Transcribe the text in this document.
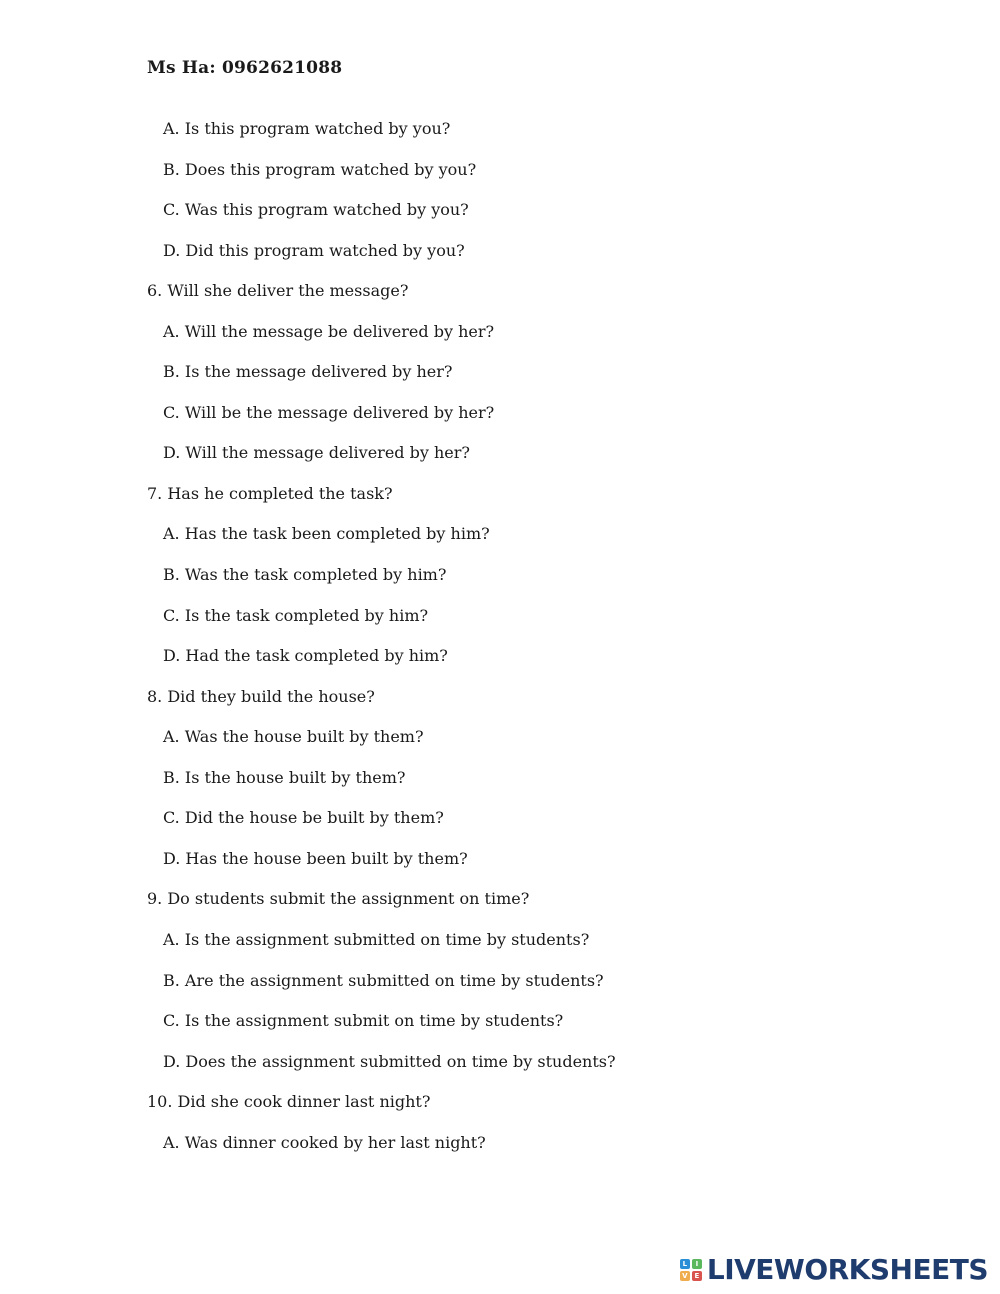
Ms Ha: 0962621088
A. Is this program watched by you?
B. Does this program watched by you?
C. Was this program watched by you?
D. Did this program watched by you?
6. Will she deliver the message?
A. Will the message be delivered by her?
B. Is the message delivered by her?
C. Will be the message delivered by her?
D. Will the message delivered by her?
7. Has he completed the task?
A. Has the task been completed by him?
B. Was the task completed by him?
C. Is the task completed by him?
D. Had the task completed by him?
8. Did they build the house?
A. Was the house built by them?
B. Is the house built by them?
C. Did the house be built by them?
D. Has the house been built by them?
9. Do students submit the assignment on time?
A. Is the assignment submitted on time by students?
B. Are the assignment submitted on time by students?
C. Is the assignment submit on time by students?
D. Does the assignment submitted on time by students?
10. Did she cook dinner last night?
A. Was dinner cooked by her last night?
L	I
V E LIVEWORKSHEETS
